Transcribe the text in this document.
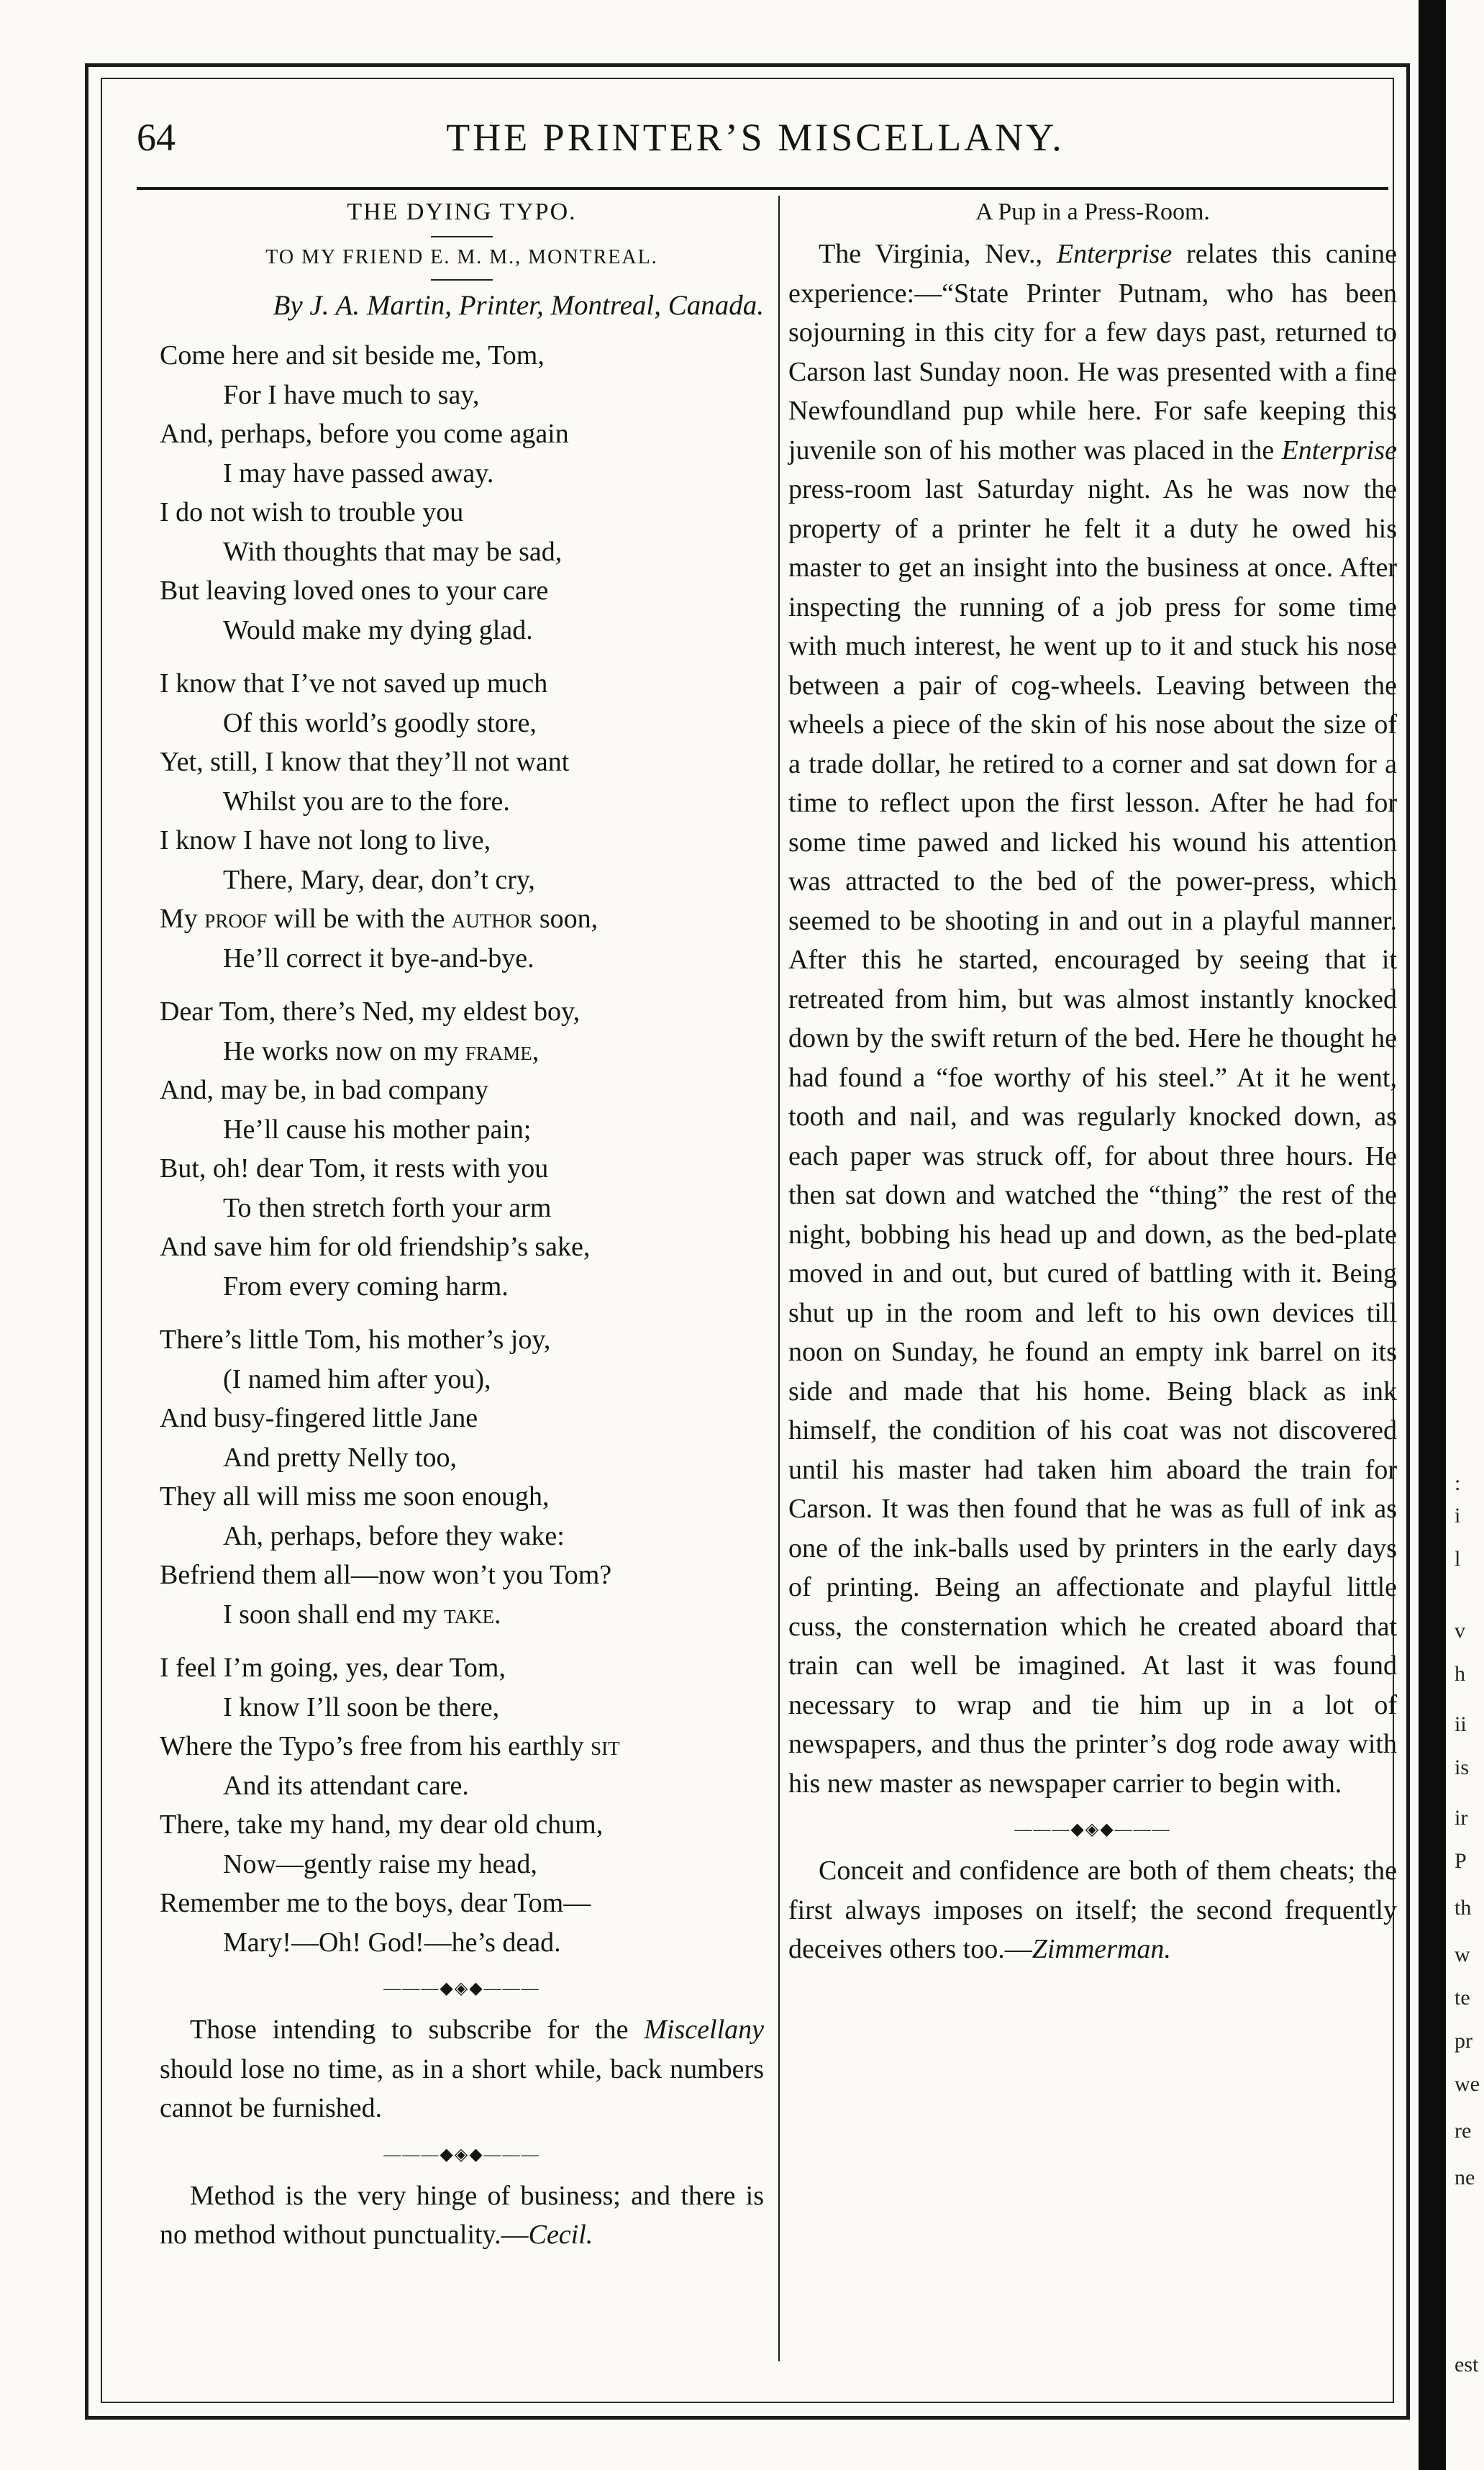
:
i
l
v
h
ii
is
ir
P
th
w
te
pr
we
re
ne
est
64	THE PRINTER’S MISCELLANY.
THE DYING TYPO.
TO MY FRIEND E. M. M., MONTREAL.
By J. A. Martin, Printer, Montreal, Canada.
Come here and sit beside me, Tom,
For I have much to say,
And, perhaps, before you come again
I may have passed away.
I do not wish to trouble you
With thoughts that may be sad,
But leaving loved ones to your care
Would make my dying glad.
I know that I’ve not saved up much
Of this world’s goodly store,
Yet, still, I know that they’ll not want
Whilst you are to the fore.
I know I have not long to live,
There, Mary, dear, don’t cry,
My proof will be with the author soon,
He’ll correct it bye-and-bye.
Dear Tom, there’s Ned, my eldest boy,
He works now on my frame,
And, may be, in bad company
He’ll cause his mother pain;
But, oh! dear Tom, it rests with you
To then stretch forth your arm
And save him for old friendship’s sake,
From every coming harm.
There’s little Tom, his mother’s joy,
(I named him after you),
And busy-fingered little Jane
And pretty Nelly too,
They all will miss me soon enough,
Ah, perhaps, before they wake:
Befriend them all—now won’t you Tom?
I soon shall end my take.
I feel I’m going, yes, dear Tom,
I know I’ll soon be there,
Where the Typo’s free from his earthly sit
And its attendant care.
There, take my hand, my dear old chum,
Now—gently raise my head,
Remember me to the boys, dear Tom—
Mary!—Oh! God!—he’s dead.
———◆◈◆———

Those intending to subscribe for the Miscellany should lose no time, as in a short while, back numbers cannot be furnished.

———◆◈◆———

Method is the very hinge of business; and there is no method without punctuality.—Cecil.

A Pup in a Press-Room.

The Virginia, Nev., Enterprise relates this canine experience:—“State Printer Putnam, who has been sojourning in this city for a few days past, returned to Carson last Sunday noon. He was presented with a fine Newfoundland pup while here. For safe keeping this juvenile son of his mother was placed in the Enterprise press-room last Saturday night. As he was now the property of a printer he felt it a duty he owed his master to get an insight into the business at once. After inspecting the running of a job press for some time with much interest, he went up to it and stuck his nose between a pair of cog-wheels. Leaving between the wheels a piece of the skin of his nose about the size of a trade dollar, he retired to a corner and sat down for a time to reflect upon the first lesson. After he had for some time pawed and licked his wound his attention was attracted to the bed of the power-press, which seemed to be shooting in and out in a playful manner. After this he started, encouraged by seeing that it retreated from him, but was almost instantly knocked down by the swift return of the bed. Here he thought he had found a “foe worthy of his steel.” At it he went, tooth and nail, and was regularly knocked down, as each paper was struck off, for about three hours. He then sat down and watched the “thing” the rest of the night, bobbing his head up and down, as the bed-plate moved in and out, but cured of battling with it. Being shut up in the room and left to his own devices till noon on Sunday, he found an empty ink barrel on its side and made that his home. Being black as ink himself, the condition of his coat was not discovered until his master had taken him aboard the train for Carson. It was then found that he was as full of ink as one of the ink-balls used by printers in the early days of printing. Being an affectionate and playful little cuss, the consternation which he created aboard that train can well be imagined. At last it was found necessary to wrap and tie him up in a lot of newspapers, and thus the printer’s dog rode away with his new master as newspaper carrier to begin with.

———◆◈◆———

Conceit and confidence are both of them cheats; the first always imposes on itself; the second frequently deceives others too.—Zimmerman.
